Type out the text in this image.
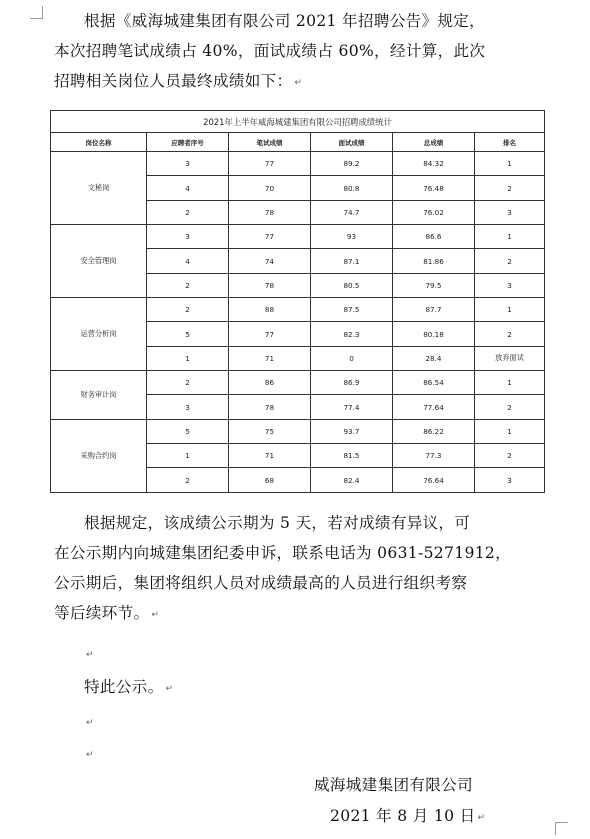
根据《威海城建集团有限公司 2021 年招聘公告》规定，
本次招聘笔试成绩占 40%，面试成绩占 60%，经计算，此次
招聘相关岗位人员最终成绩如下： ↵
2021年上半年威海城建集团有限公司招聘成绩统计					
岗位名称	应聘者序号	笔试成绩	面试成绩	总成绩	排名
文秘岗	3	77	89.2	84.32	1
	4	70	80.8	76.48	2
	2	78	74.7	76.02	3
安全管理岗	3	77	93	86.6	1
	4	74	87.1	81.86	2
	2	78	80.5	79.5	3
运营分析岗	2	88	87.5	87.7	1
	5	77	82.3	80.18	2
	1	71	0	28.4	放弃面试
财务审计岗	2	86	86.9	86.54	1
	3	78	77.4	77.64	2
采购合约岗	5	75	93.7	86.22	1
	1	71	81.5	77.3	2
	2	68	82.4	76.64	3
根据规定，该成绩公示期为 5 天，若对成绩有异议，可
在公示期内向城建集团纪委申诉，联系电话为 0631-5271912，
公示期后，集团将组织人员对成绩最高的人员进行组织考察
等后续环节。 ↵
↵
特此公示。 ↵
↵
↵
威海城建集团有限公司
2021 年 8 月 10 日 ↵
